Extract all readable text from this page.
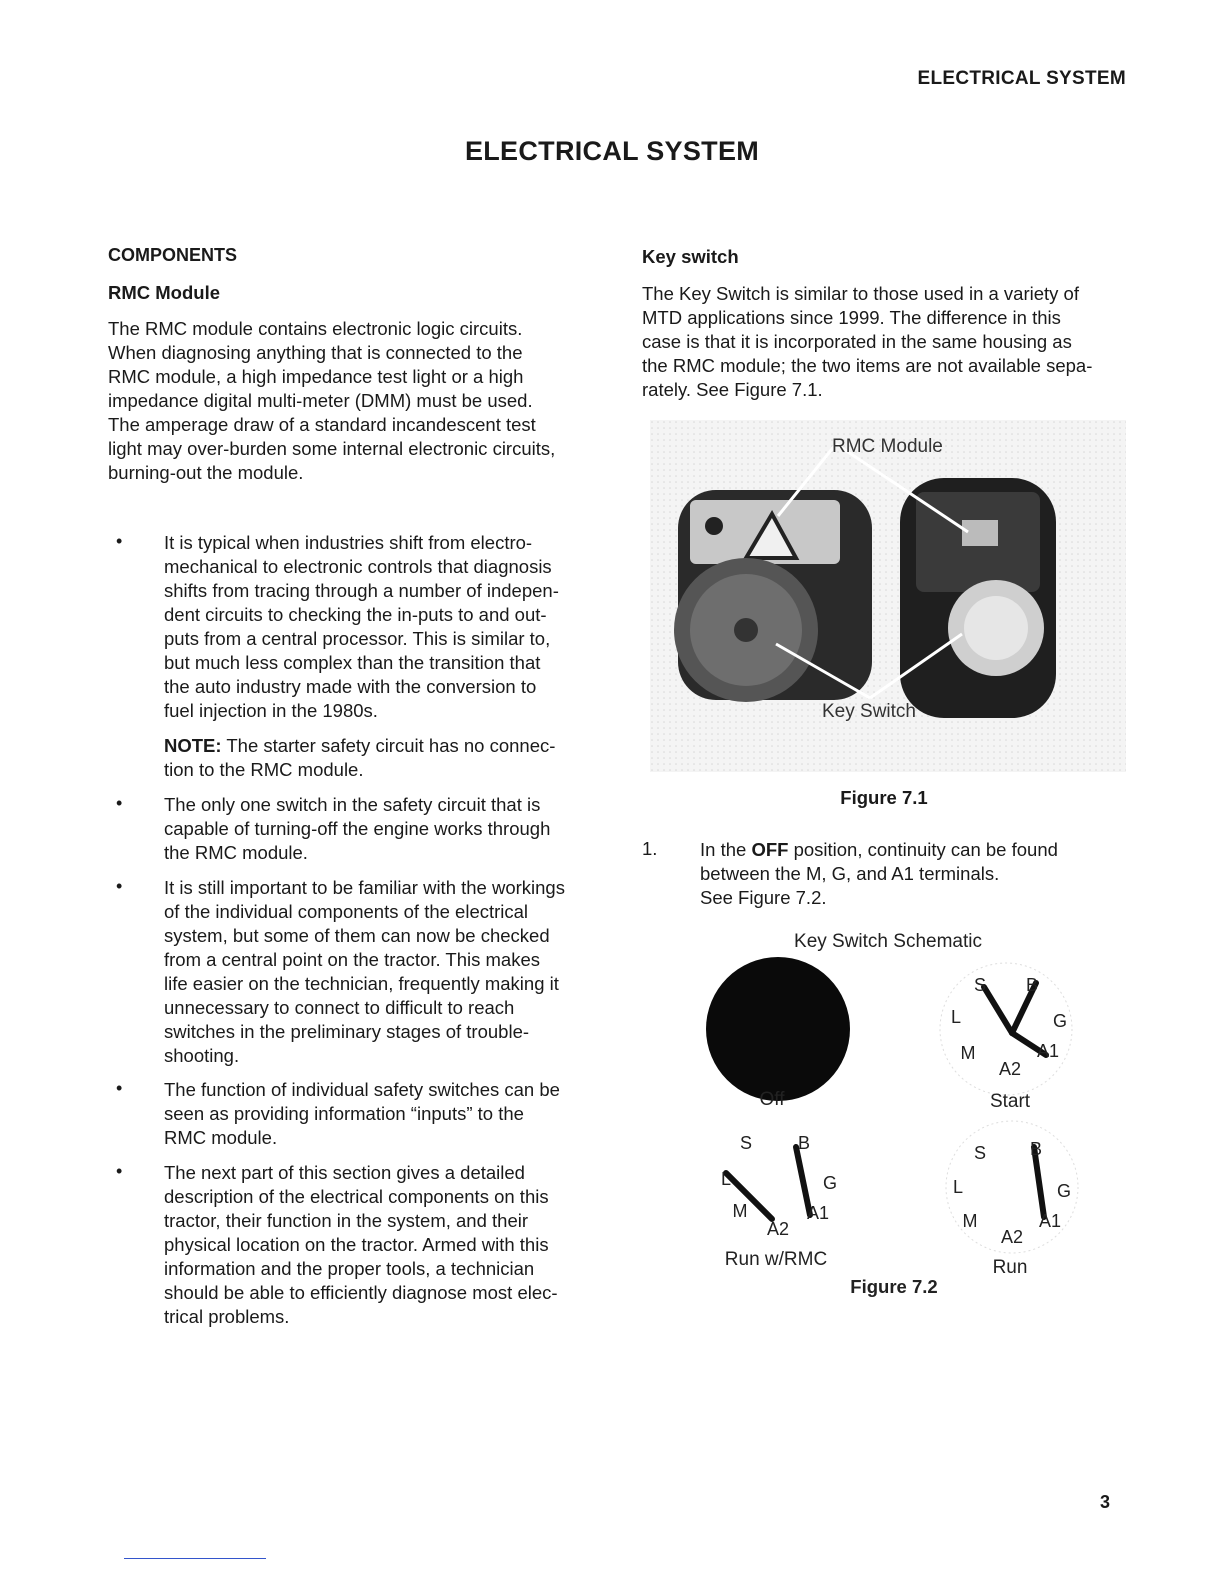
ELECTRICAL SYSTEM
ELECTRICAL SYSTEM
COMPONENTS
RMC Module
The RMC module contains electronic logic circuits.
When diagnosing anything that is connected to the
RMC module, a high impedance test light or a high
impedance digital multi-meter (DMM) must be used.
The amperage draw of a standard incandescent test
light may over-burden some internal electronic circuits,
burning-out the module.
• It is typical when industries shift from electro-
mechanical to electronic controls that diagnosis
shifts from tracing through a number of indepen-
dent circuits to checking the in-puts to and out-
puts from a central processor. This is similar to,
but much less complex than the transition that
the auto industry made with the conversion to
fuel injection in the 1980s.
NOTE: The starter safety circuit has no connec-
tion to the RMC module.
• The only one switch in the safety circuit that is
capable of turning-off the engine works through
the RMC module.
• It is still important to be familiar with the workings
of the individual components of the electrical
system, but some of them can now be checked
from a central point on the tractor. This makes
life easier on the technician, frequently making it
unnecessary to connect to difficult to reach
switches in the preliminary stages of trouble-
shooting.
• The function of individual safety switches can be
seen as providing information “inputs” to the
RMC module.
• The next part of this section gives a detailed
description of the electrical components on this
tractor, their function in the system, and their
physical location on the tractor. Armed with this
information and the proper tools, a technician
should be able to efficiently diagnose most elec-
trical problems.
Key switch
The Key Switch is similar to those used in a variety of
MTD applications since 1999. The difference in this
case is that it is incorporated in the same housing as
the RMC module; the two items are not available sepa-
rately. See Figure 7.1.
RMC Module
Key Switch
Figure 7.1
1. In the OFF position, continuity can be found
between the M, G, and A1 terminals.
See Figure 7.2.
Key Switch Schematic
Off
S B
L	G
M	A1
A2
Start
S	B
L	G
M	A1
A2
Run w/RMC
S B
L	G
M	A1
A2
Run
Figure 7.2
3
